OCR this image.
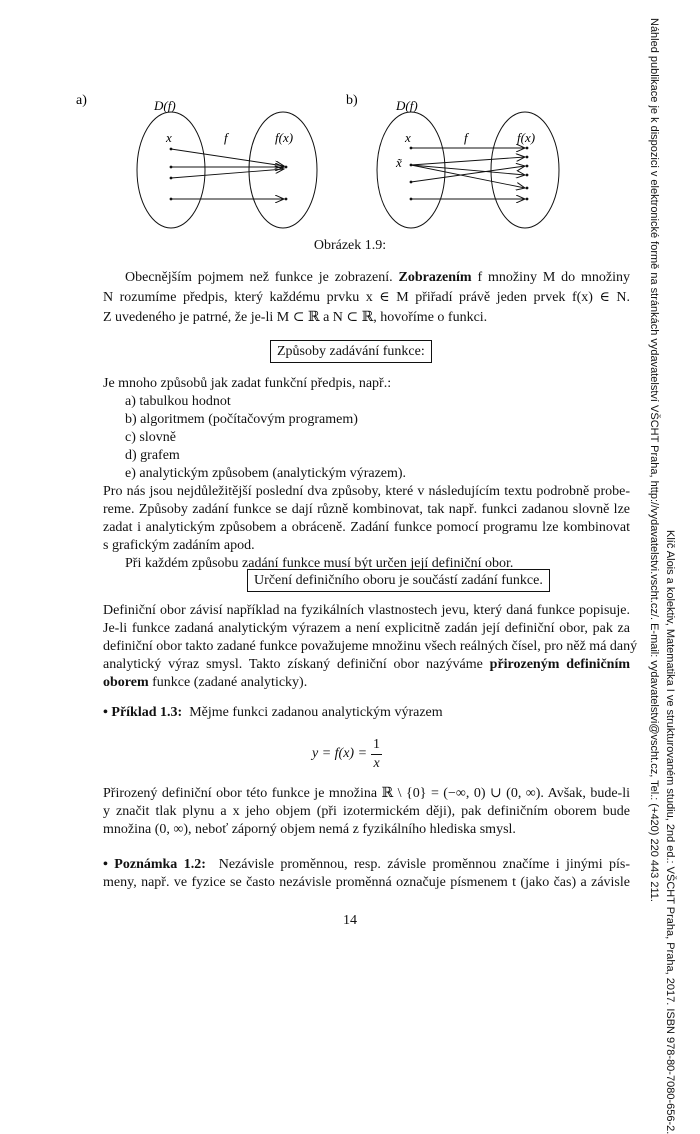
a)	D(f)
x	f	f(x)
b)	D(f)
x
x̃
f	f(x)
Obrázek 1.9:
Obecnějším pojmem než funkce je zobrazení. Zobrazením f množiny M do množiny
N rozumíme předpis, který každému prvku x ∈ M přiřadí právě jeden prvek f(x) ∈ N.
Z uvedeného je patrné, že je-li M ⊂ ℝ a N ⊂ ℝ, hovoříme o funkci.
Způsoby zadávání funkce:
Je mnoho způsobů jak zadat funkční předpis, např.:
a) tabulkou hodnot
b) algoritmem (počítačovým programem)
c) slovně
d) grafem
e) analytickým způsobem (analytickým výrazem).
Pro nás jsou nejdůležitější poslední dva způsoby, které v následujícím textu podrobně probe-
reme. Způsoby zadání funkce se dají různě kombinovat, tak např. funkci zadanou slovně lze
zadat i analytickým způsobem a obráceně. Zadání funkce pomocí programu lze kombinovat
s grafickým zadáním apod.
Při každém způsobu zadání funkce musí být určen její definiční obor.
Určení definičního oboru je součástí zadání funkce.
Definiční obor závisí například na fyzikálních vlastnostech jevu, který daná funkce popisuje.
Je-li funkce zadaná analytickým výrazem a není explicitně zadán její definiční obor, pak za
definiční obor takto zadané funkce považujeme množinu všech reálných čísel, pro něž má daný
analytický výraz smysl. Takto získaný definiční obor nazýváme přirozeným definičním
oborem funkce (zadané analyticky).
• Příklad 1.3: Mějme funkci zadanou analytickým výrazem
$y = f(x) = \frac{1}{x}$
Přirozený definiční obor této funkce je množina ℝ \ {0} = (−∞, 0) ∪ (0, ∞). Avšak, bude-li
y značit tlak plynu a x jeho objem (při izotermickém ději), pak definičním oborem bude
množina (0, ∞), neboť záporný objem nemá z fyzikálního hlediska smysl.
• Poznámka 1.2: Nezávisle proměnnou, resp. závisle proměnnou značíme i jinými pís-
meny, např. ve fyzice se často nezávisle proměnná označuje písmenem t (jako čas) a závisle
14	Klíč Alois a kolektiv, Matematika I ve strukturovaném studiu, 2nd ed.: VŠCHT Praha, Praha, 2017. ISBN 978-80-7080-656-2.
Náhled publikace je k dispozici v elektronické formě na stránkách vydavatelství VŠCHT Praha, http://vydavatelstvi.vscht.cz/. E-mail: vydavatelstvi@vscht.cz, Tel.: (+420) 220 443 211.
